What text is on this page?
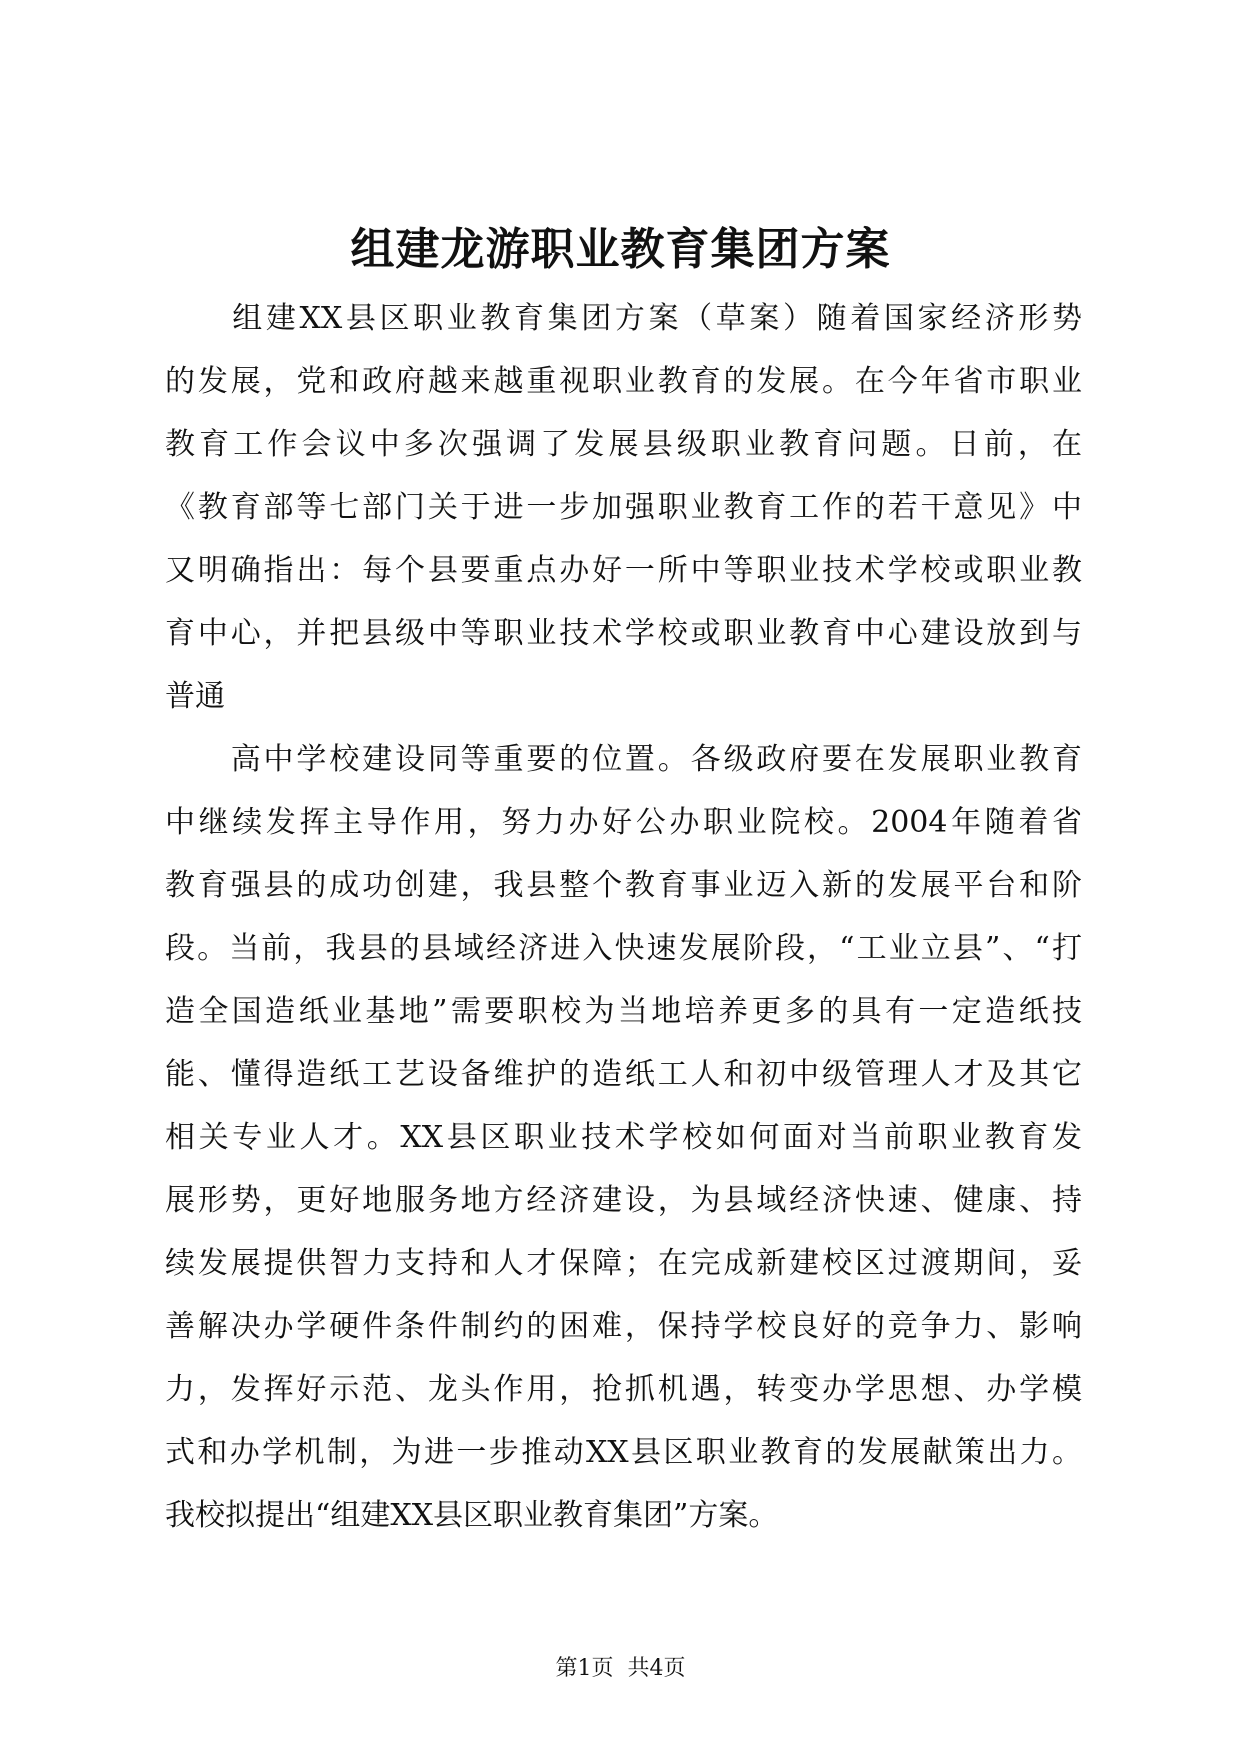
组建龙游职业教育集团方案
　　组建XX县区职业教育集团方案（草案）随着国家经济形势
的发展，党和政府越来越重视职业教育的发展。在今年省市职业
教育工作会议中多次强调了发展县级职业教育问题。日前，在
《教育部等七部门关于进一步加强职业教育工作的若干意见》中
又明确指出：每个县要重点办好一所中等职业技术学校或职业教
育中心，并把县级中等职业技术学校或职业教育中心建设放到与
普通
　　高中学校建设同等重要的位置。各级政府要在发展职业教育
中继续发挥主导作用，努力办好公办职业院校。2004年随着省
教育强县的成功创建，我县整个教育事业迈入新的发展平台和阶
段。当前，我县的县域经济进入快速发展阶段，“工业立县”、“打
造全国造纸业基地”需要职校为当地培养更多的具有一定造纸技
能、懂得造纸工艺设备维护的造纸工人和初中级管理人才及其它
相关专业人才。XX县区职业技术学校如何面对当前职业教育发
展形势，更好地服务地方经济建设，为县域经济快速、健康、持
续发展提供智力支持和人才保障；在完成新建校区过渡期间，妥
善解决办学硬件条件制约的困难，保持学校良好的竞争力、影响
力，发挥好示范、龙头作用，抢抓机遇，转变办学思想、办学模
式和办学机制，为进一步推动XX县区职业教育的发展献策出力。
我校拟提出“组建XX县区职业教育集团”方案。
第1页 共4页
